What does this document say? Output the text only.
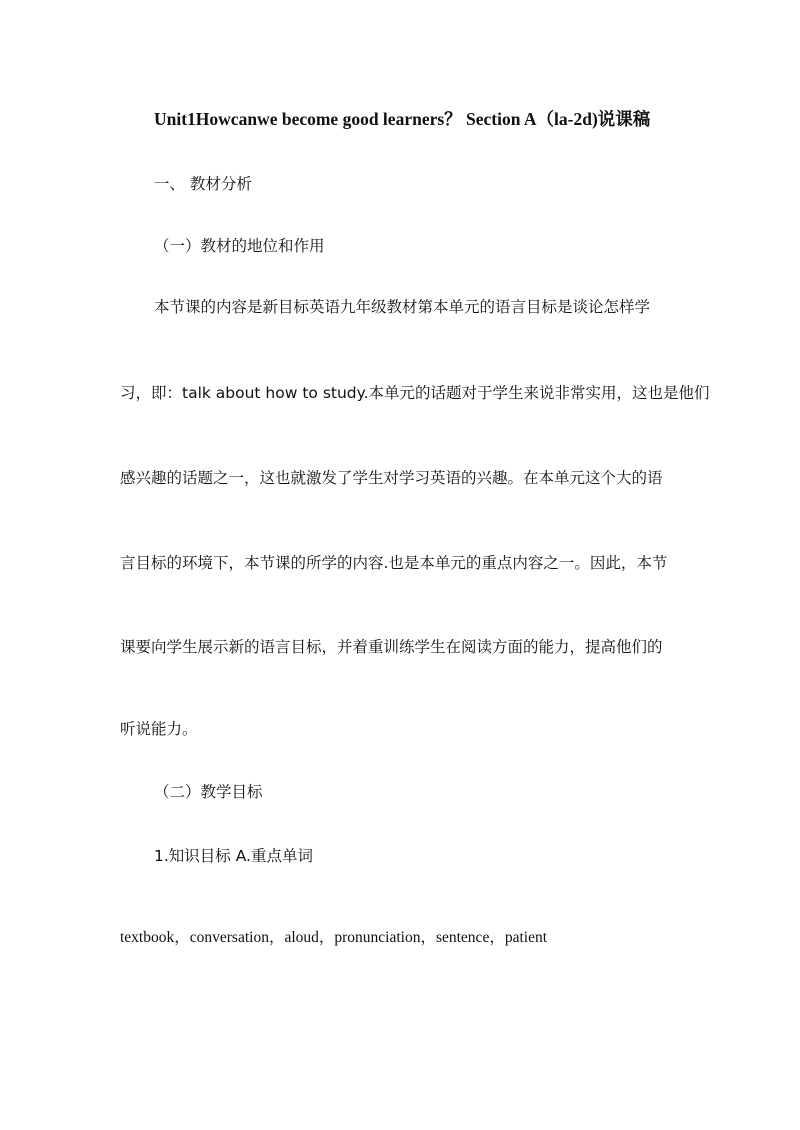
Unit1Howcanwe become good learners？ Section A（la-2d)说课稿
一、 教材分析
（一）教材的地位和作用
本节课的内容是新目标英语九年级教材第本单元的语言目标是谈论怎样学
习，即：talk about how to study.本单元的话题对于学生来说非常实用，这也是他们
感兴趣的话题之一，这也就激发了学生对学习英语的兴趣。在本单元这个大的语
言目标的环境下，本节课的所学的内容.也是本单元的重点内容之一。因此，本节
课要向学生展示新的语言目标，并着重训练学生在阅读方面的能力，提高他们的
听说能力。
（二）教学目标
1.知识目标 A.重点单词
textbook，conversation，aloud，pronunciation，sentence，patient
